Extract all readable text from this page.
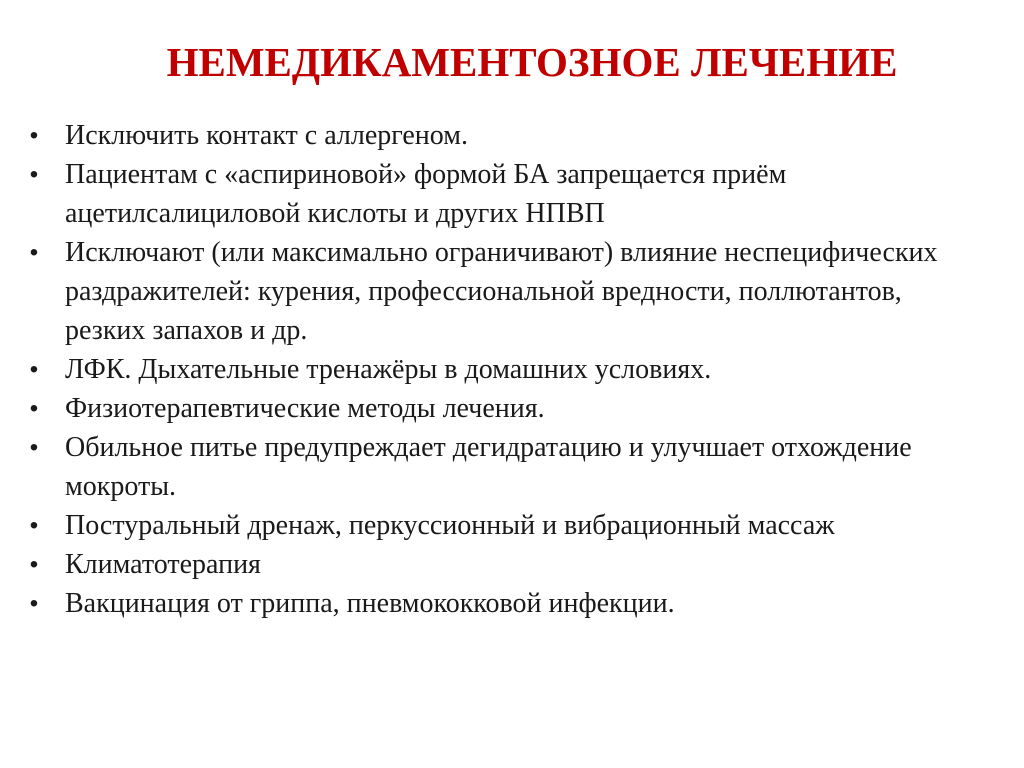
НЕМЕДИКАМЕНТОЗНОЕ ЛЕЧЕНИЕ
• Исключить контакт с аллергеном.
• Пациентам с «аспириновой» формой БА запрещается приём ацетилсалициловой кислоты и других НПВП
• Исключают (или максимально ограничивают) влияние неспецифических раздражителей: курения, профессиональной вредности, поллютантов, резких запахов и др.
• ЛФК. Дыхательные тренажёры в домашних условиях.
• Физиотерапевтические методы лечения.
• Обильное питье предупреждает дегидратацию и улучшает отхождение мокроты.
• Постуральный дренаж, перкуссионный и вибрационный массаж
• Климатотерапия
• Вакцинация от гриппа, пневмококковой инфекции.
